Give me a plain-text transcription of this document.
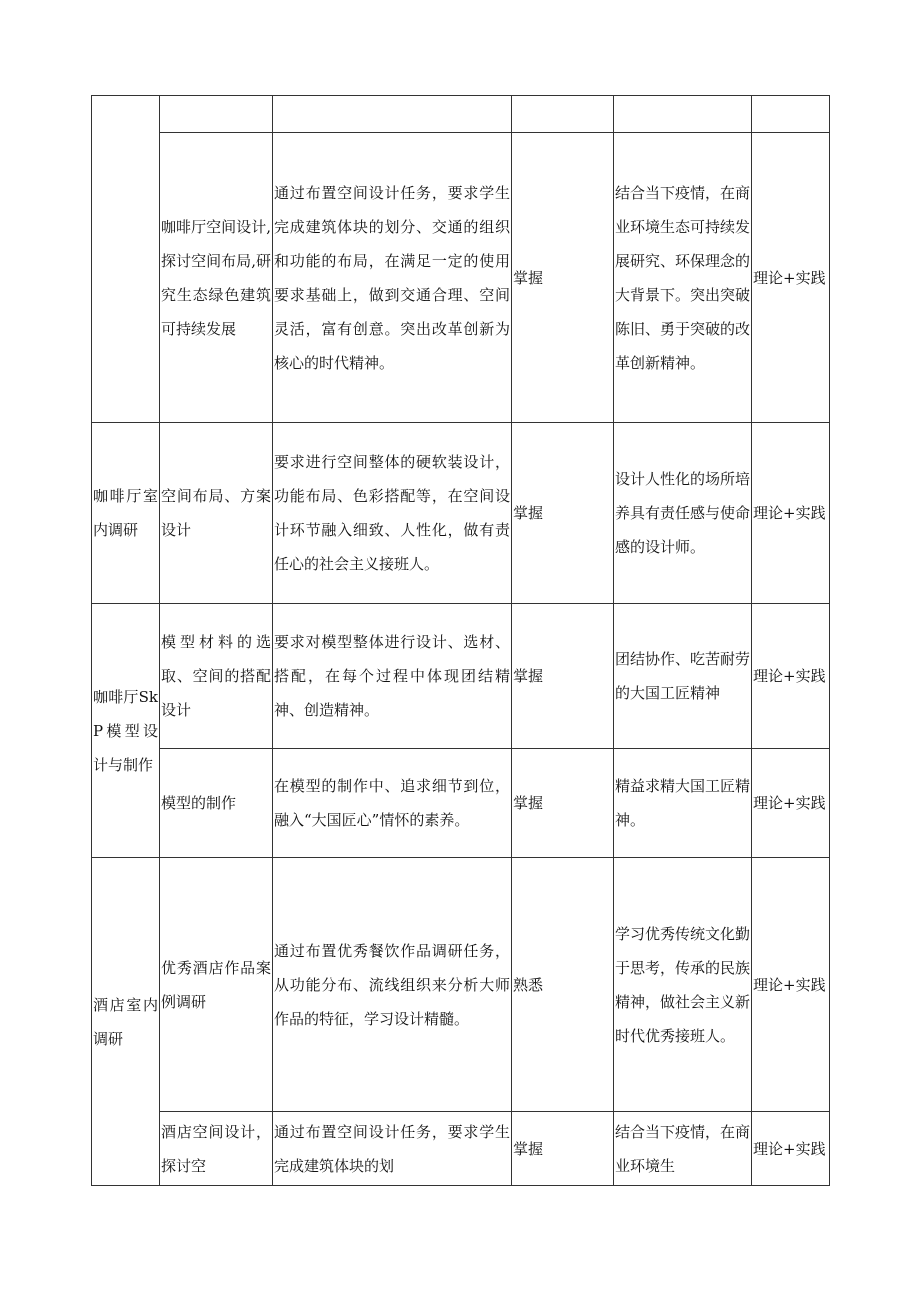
	咖啡厅空间设计,探讨空间布局,研究生态绿色建筑可持续发展	通过布置空间设计任务，要求学生完成建筑体块的划分、交通的组织和功能的布局，在满足一定的使用要求基础上，做到交通合理、空间灵活，富有创意。突出改革创新为核心的时代精神。	掌握	结合当下疫情，在商业环境生态可持续发展研究、环保理念的大背景下。突出突破陈旧、勇于突破的改革创新精神。	理论+实践
咖啡厅室内调研	空间布局、方案设计	要求进行空间整体的硬软装设计，功能布局、色彩搭配等，在空间设计环节融入细致、人性化，做有责任心的社会主义接班人。	掌握	设计人性化的场所培养具有责任感与使命感的设计师。	理论+实践
咖啡厅SkP模型设计与制作	模型材料的选取、空间的搭配设计	要求对模型整体进行设计、选材、搭配，在每个过程中体现团结精神、创造精神。	掌握	团结协作、吃苦耐劳的大国工匠精神	理论+实践
	模型的制作	在模型的制作中、追求细节到位，融入“大国匠心”情怀的素养。	掌握	精益求精大国工匠精神。	理论+实践
酒店室内调研	优秀酒店作品案例调研	通过布置优秀餐饮作品调研任务，从功能分布、流线组织来分析大师作品的特征，学习设计精髓。	熟悉	学习优秀传统文化勤于思考，传承的民族精神，做社会主义新时代优秀接班人。	理论+实践
	酒店空间设计，探讨空	通过布置空间设计任务，要求学生完成建筑体块的划	掌握	结合当下疫情，在商业环境生	理论+实践
